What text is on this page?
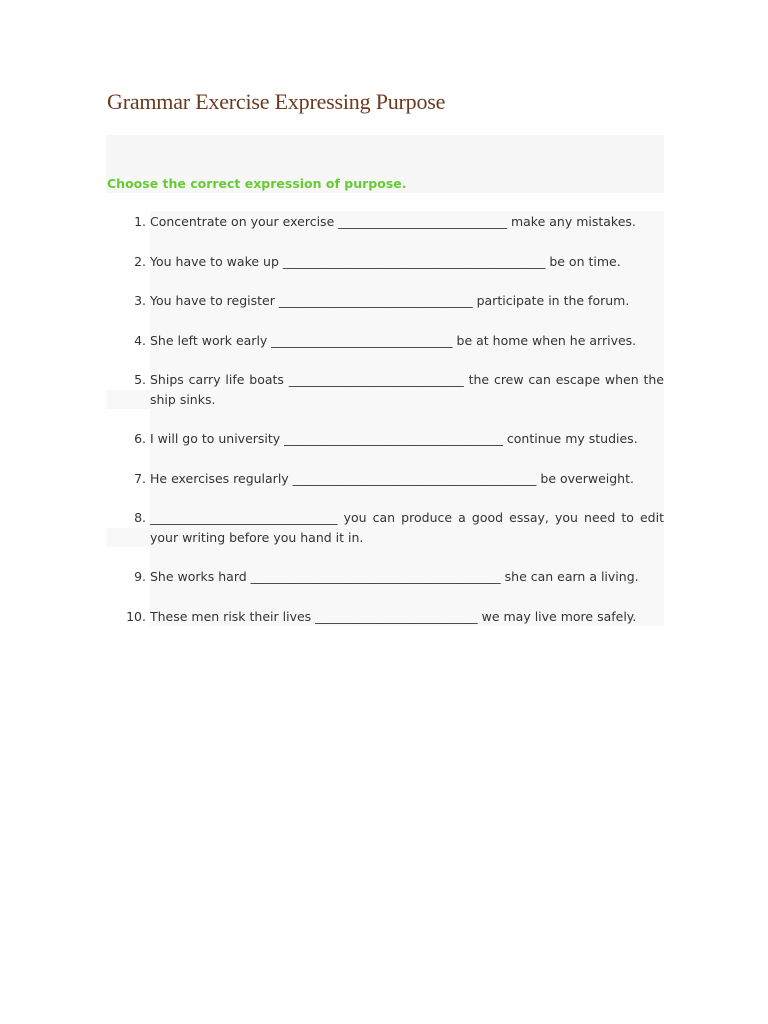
Grammar Exercise Expressing Purpose
Choose the correct expression of purpose.
1. Concentrate on your exercise ___________________________ make any mistakes.
2. You have to wake up __________________________________________ be on time.
3. You have to register _______________________________ participate in the forum.
4. She left work early _____________________________ be at home when he arrives.
5. Ships carry life boats ____________________________ the crew can escape when the ship sinks.
6. I will go to university ___________________________________ continue my studies.
7. He exercises regularly _______________________________________ be overweight.
8. ______________________________ you can produce a good essay, you need to edit your writing before you hand it in.
9. She works hard ________________________________________ she can earn a living.
10. These men risk their lives __________________________ we may live more safely.
